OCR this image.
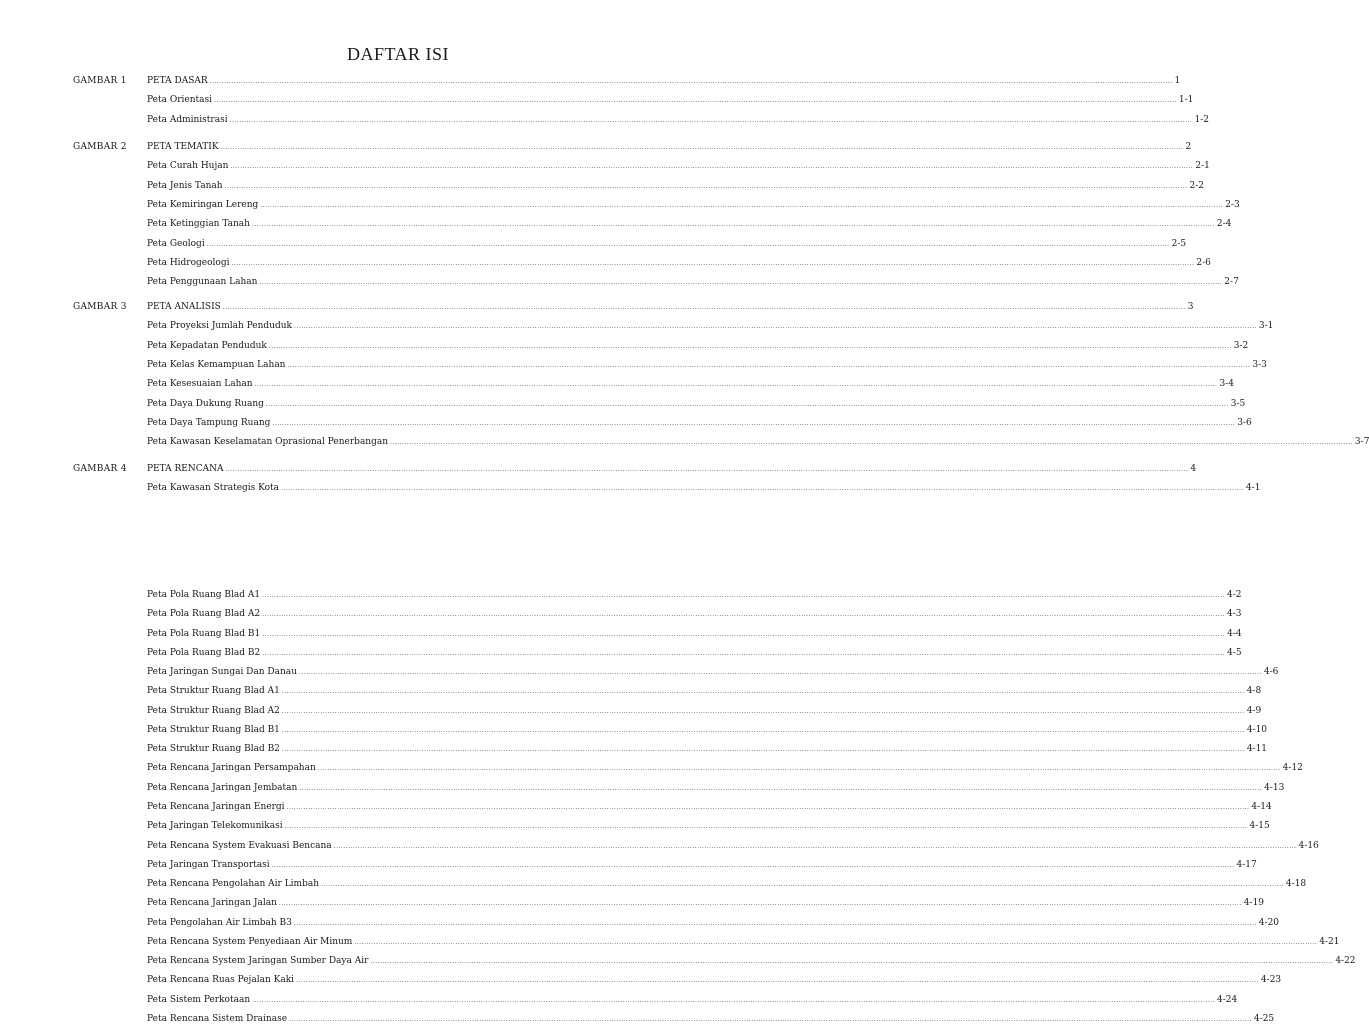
DAFTAR ISI
GAMBAR 1 PETA DASAR ................................................................................................................................................................................................................................................................................................................................................................................................................ 1
Peta Orientasi ................................................................................................................................................................................................................................................................................................................................................................................................................ 1-1
Peta Administrasi ................................................................................................................................................................................................................................................................................................................................................................................................................ 1-2
GAMBAR 2 PETA TEMATIK ................................................................................................................................................................................................................................................................................................................................................................................................................ 2
Peta Curah Hujan ................................................................................................................................................................................................................................................................................................................................................................................................................ 2-1
Peta Jenis Tanah ................................................................................................................................................................................................................................................................................................................................................................................................................ 2-2
Peta Kemiringan Lereng ................................................................................................................................................................................................................................................................................................................................................................................................................ 2-3
Peta Ketinggian Tanah ................................................................................................................................................................................................................................................................................................................................................................................................................ 2-4
Peta Geologi ................................................................................................................................................................................................................................................................................................................................................................................................................ 2-5
Peta Hidrogeologi ................................................................................................................................................................................................................................................................................................................................................................................................................ 2-6
Peta Penggunaan Lahan ................................................................................................................................................................................................................................................................................................................................................................................................................ 2-7
GAMBAR 3 PETA ANALISIS ................................................................................................................................................................................................................................................................................................................................................................................................................ 3
Peta Proyeksi Jumlah Penduduk ................................................................................................................................................................................................................................................................................................................................................................................................................ 3-1
Peta Kepadatan Penduduk ................................................................................................................................................................................................................................................................................................................................................................................................................ 3-2
Peta Kelas Kemampuan Lahan ................................................................................................................................................................................................................................................................................................................................................................................................................ 3-3
Peta Kesesuaian Lahan ................................................................................................................................................................................................................................................................................................................................................................................................................ 3-4
Peta Daya Dukung Ruang ................................................................................................................................................................................................................................................................................................................................................................................................................ 3-5
Peta Daya Tampung Ruang ................................................................................................................................................................................................................................................................................................................................................................................................................ 3-6
Peta Kawasan Keselamatan Oprasional Penerbangan ................................................................................................................................................................................................................................................................................................................................................................................................................ 3-7
GAMBAR 4 PETA RENCANA ................................................................................................................................................................................................................................................................................................................................................................................................................ 4
Peta Kawasan Strategis Kota ................................................................................................................................................................................................................................................................................................................................................................................................................ 4-1
Peta Pola Ruang Blad A1 ................................................................................................................................................................................................................................................................................................................................................................................................................ 4-2
Peta Pola Ruang Blad A2 ................................................................................................................................................................................................................................................................................................................................................................................................................ 4-3
Peta Pola Ruang Blad B1 ................................................................................................................................................................................................................................................................................................................................................................................................................ 4-4
Peta Pola Ruang Blad B2 ................................................................................................................................................................................................................................................................................................................................................................................................................ 4-5
Peta Jaringan Sungai Dan Danau ................................................................................................................................................................................................................................................................................................................................................................................................................ 4-6
Peta Struktur Ruang Blad A1 ................................................................................................................................................................................................................................................................................................................................................................................................................ 4-8
Peta Struktur Ruang Blad A2 ................................................................................................................................................................................................................................................................................................................................................................................................................ 4-9
Peta Struktur Ruang Blad B1 ................................................................................................................................................................................................................................................................................................................................................................................................................ 4-10
Peta Struktur Ruang Blad B2 ................................................................................................................................................................................................................................................................................................................................................................................................................ 4-11
Peta Rencana Jaringan Persampahan ................................................................................................................................................................................................................................................................................................................................................................................................................ 4-12
Peta Rencana Jaringan Jembatan ................................................................................................................................................................................................................................................................................................................................................................................................................ 4-13
Peta Rencana Jaringan Energi ................................................................................................................................................................................................................................................................................................................................................................................................................ 4-14
Peta Jaringan Telekomunikasi ................................................................................................................................................................................................................................................................................................................................................................................................................ 4-15
Peta Rencana System Evakuasi Bencana ................................................................................................................................................................................................................................................................................................................................................................................................................ 4-16
Peta Jaringan Transportasi ................................................................................................................................................................................................................................................................................................................................................................................................................ 4-17
Peta Rencana Pengolahan Air Limbah ................................................................................................................................................................................................................................................................................................................................................................................................................ 4-18
Peta Rencana Jaringan Jalan ................................................................................................................................................................................................................................................................................................................................................................................................................ 4-19
Peta Pengolahan Air Limbah B3 ................................................................................................................................................................................................................................................................................................................................................................................................................ 4-20
Peta Rencana System Penyediaan Air Minum ................................................................................................................................................................................................................................................................................................................................................................................................................ 4-21
Peta Rencana System Jaringan Sumber Daya Air ................................................................................................................................................................................................................................................................................................................................................................................................................ 4-22
Peta Rencana Ruas Pejalan Kaki ................................................................................................................................................................................................................................................................................................................................................................................................................ 4-23
Peta Sistem Perkotaan ................................................................................................................................................................................................................................................................................................................................................................................................................ 4-24
Peta Rencana Sistem Drainase ................................................................................................................................................................................................................................................................................................................................................................................................................ 4-25
